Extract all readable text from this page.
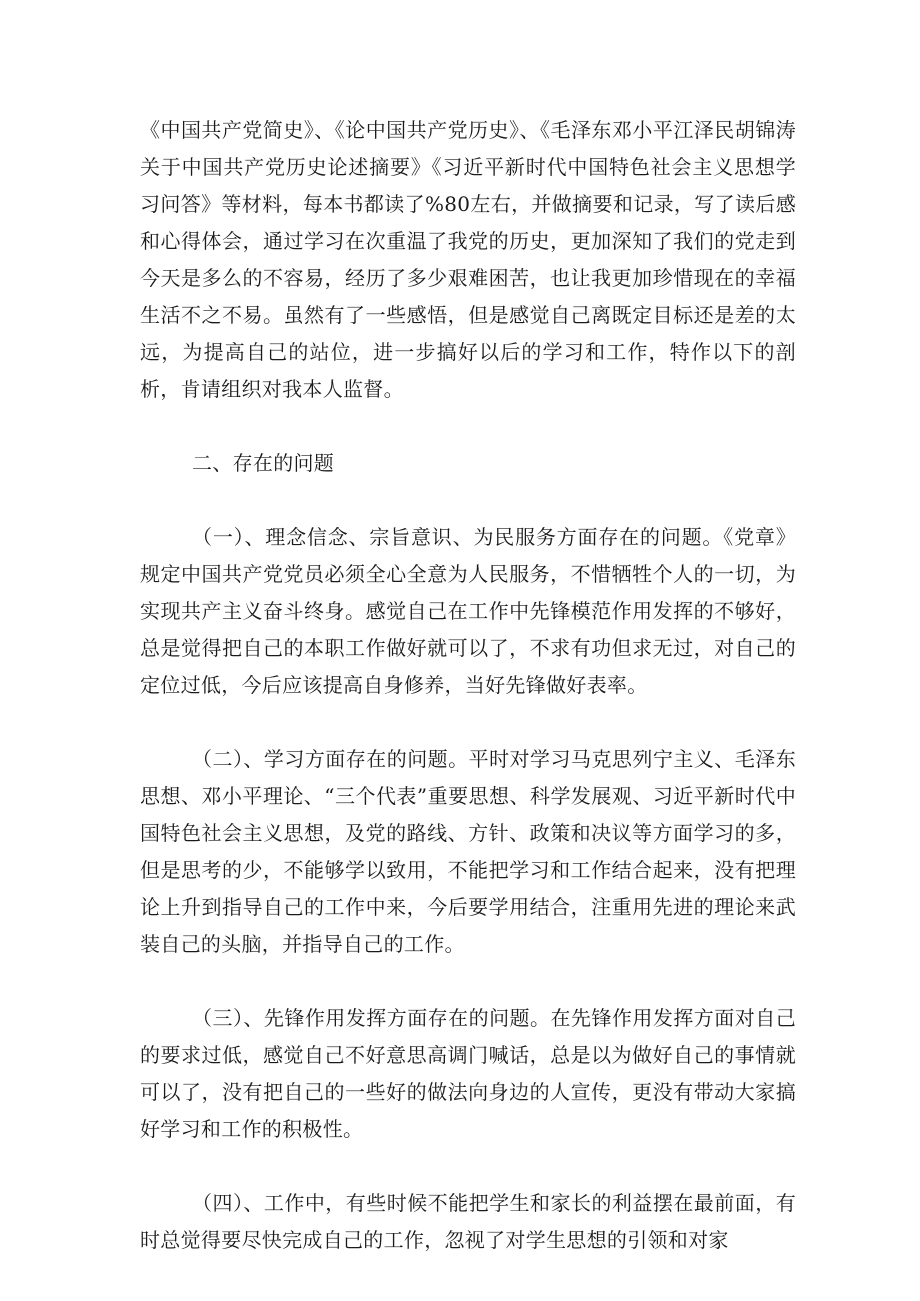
《中国共产党简史》、《论中国共产党历史》、《毛泽东邓小平江泽民胡锦涛关于中国共产党历史论述摘要》《习近平新时代中国特色社会主义思想学习问答》等材料，每本书都读了%80左右，并做摘要和记录，写了读后感和心得体会，通过学习在次重温了我党的历史，更加深知了我们的党走到今天是多么的不容易，经历了多少艰难困苦，也让我更加珍惜现在的幸福生活不之不易。虽然有了一些感悟，但是感觉自己离既定目标还是差的太远，为提高自己的站位，进一步搞好以后的学习和工作，特作以下的剖析，肯请组织对我本人监督。

二、存在的问题

（一）、理念信念、宗旨意识、为民服务方面存在的问题。《党章》规定中国共产党党员必须全心全意为人民服务，不惜牺牲个人的一切，为实现共产主义奋斗终身。感觉自己在工作中先锋模范作用发挥的不够好，总是觉得把自己的本职工作做好就可以了，不求有功但求无过，对自己的定位过低，今后应该提高自身修养，当好先锋做好表率。

（二）、学习方面存在的问题。平时对学习马克思列宁主义、毛泽东思想、邓小平理论、“三个代表”重要思想、科学发展观、习近平新时代中国特色社会主义思想，及党的路线、方针、政策和决议等方面学习的多，但是思考的少，不能够学以致用，不能把学习和工作结合起来，没有把理论上升到指导自己的工作中来，今后要学用结合，注重用先进的理论来武装自己的头脑，并指导自己的工作。

（三）、先锋作用发挥方面存在的问题。在先锋作用发挥方面对自己的要求过低，感觉自己不好意思高调门喊话，总是以为做好自己的事情就可以了，没有把自己的一些好的做法向身边的人宣传，更没有带动大家搞好学习和工作的积极性。

（四）、工作中，有些时候不能把学生和家长的利益摆在最前面，有时总觉得要尽快完成自己的工作，忽视了对学生思想的引领和对家
